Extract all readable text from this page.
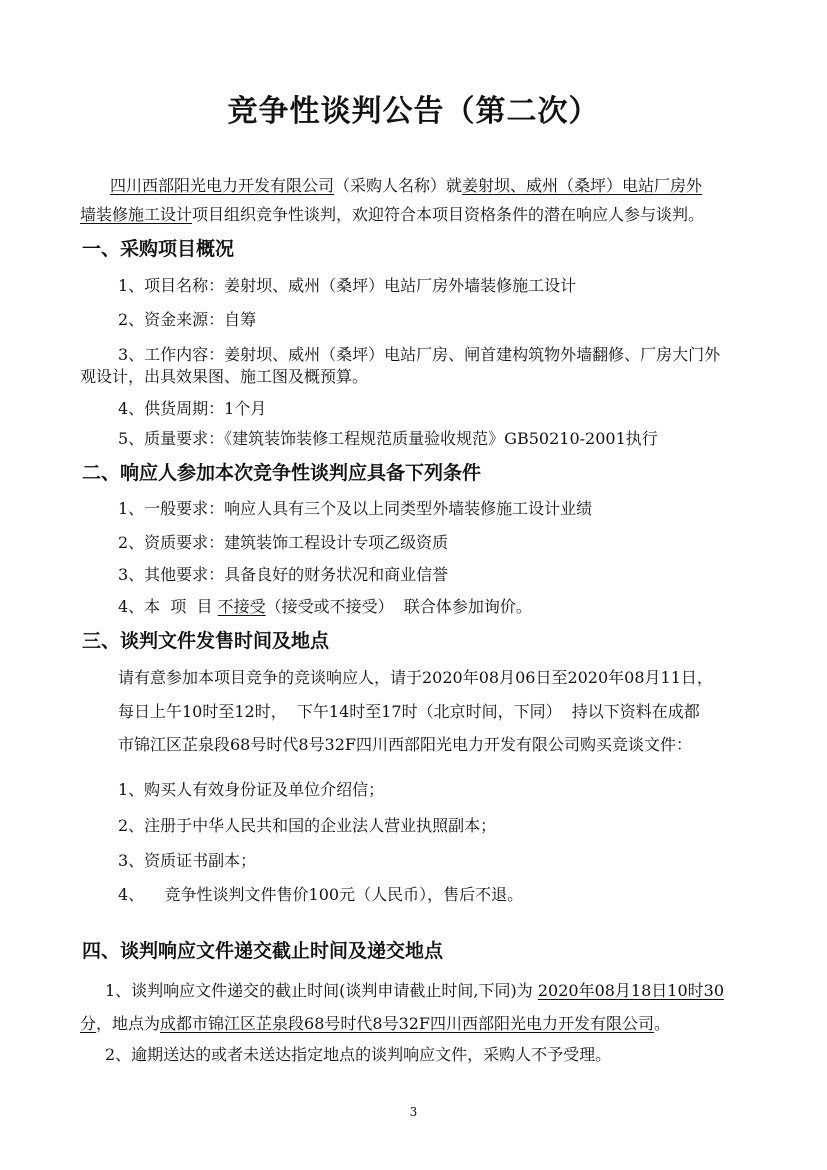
竞争性谈判公告（第二次）
四川西部阳光电力开发有限公司（采购人名称）就姜射坝、威州（桑坪）电站厂房外
墙装修施工设计项目组织竞争性谈判，欢迎符合本项目资格条件的潜在响应人参与谈判。
一、采购项目概况
1、项目名称：姜射坝、威州（桑坪）电站厂房外墙装修施工设计
2、资金来源：自筹
3、工作内容：姜射坝、威州（桑坪）电站厂房、闸首建构筑物外墙翻修、厂房大门外
观设计，出具效果图、施工图及概预算。
4、供货周期：1个月
5、质量要求：《建筑装饰装修工程规范质量验收规范》GB50210-2001执行
二、响应人参加本次竞争性谈判应具备下列条件
1、一般要求：响应人具有三个及以上同类型外墙装修施工设计业绩
2、资质要求：建筑装饰工程设计专项乙级资质
3、其他要求：具备良好的财务状况和商业信誉
4、本  项  目 不接受（接受或不接受）  联合体参加询价。
三、谈判文件发售时间及地点
请有意参加本项目竞争的竞谈响应人，请于2020年08月06日至2020年08月11日，
每日上午10时至12时，  下午14时至17时（北京时间，下同）  持以下资料在成都
市锦江区芷泉段68号时代8号32F四川西部阳光电力开发有限公司购买竞谈文件：
1、购买人有效身份证及单位介绍信；
2、注册于中华人民共和国的企业法人营业执照副本；
3、资质证书副本；
4、    竞争性谈判文件售价100元（人民币），售后不退。
四、谈判响应文件递交截止时间及递交地点
1、谈判响应文件递交的截止时间(谈判申请截止时间,下同)为 2020年08月18日10时30
分，地点为成都市锦江区芷泉段68号时代8号32F四川西部阳光电力开发有限公司。
2、逾期送达的或者未送达指定地点的谈判响应文件，采购人不予受理。
3
